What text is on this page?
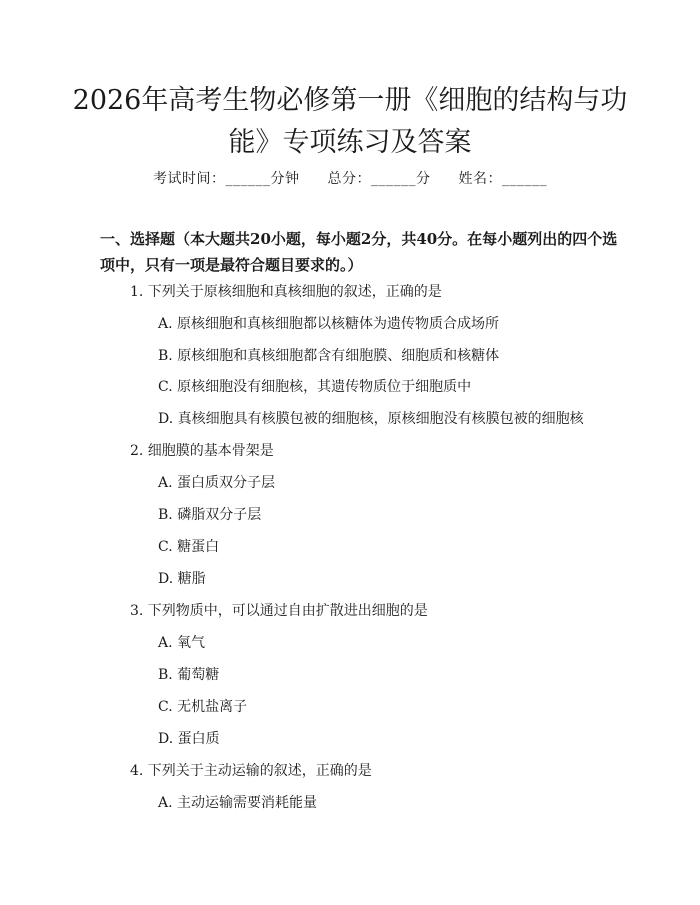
2026年高考生物必修第一册《细胞的结构与功能》专项练习及答案
考试时间：______分钟 总分：______分 姓名：______
一、选择题（本大题共20小题，每小题2分，共40分。在每小题列出的四个选项中，只有一项是最符合题目要求的。）
1. 下列关于原核细胞和真核细胞的叙述，正确的是
A. 原核细胞和真核细胞都以核糖体为遗传物质合成场所
B. 原核细胞和真核细胞都含有细胞膜、细胞质和核糖体
C. 原核细胞没有细胞核，其遗传物质位于细胞质中
D. 真核细胞具有核膜包被的细胞核，原核细胞没有核膜包被的细胞核
2. 细胞膜的基本骨架是
A. 蛋白质双分子层
B. 磷脂双分子层
C. 糖蛋白
D. 糖脂
3. 下列物质中，可以通过自由扩散进出细胞的是
A. 氧气
B. 葡萄糖
C. 无机盐离子
D. 蛋白质
4. 下列关于主动运输的叙述，正确的是
A. 主动运输需要消耗能量
